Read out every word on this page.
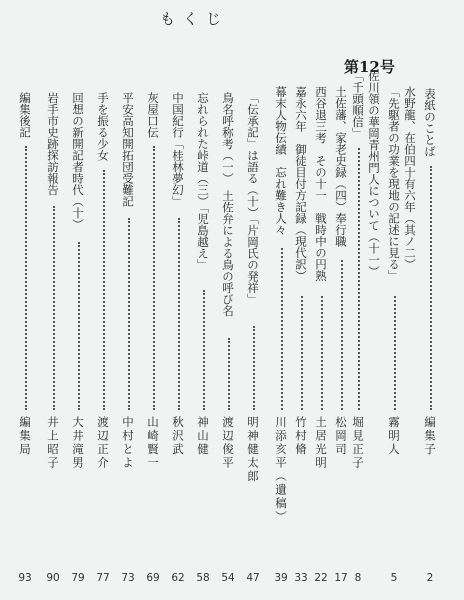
もくじ
第12号
表紙のことば
編集子
2
水野龍、在伯四十有六年（其ノ二）
「先駆者の功業を現地の記述に見る」
霧明人
5
佐川領の華岡青州門人について（十一）
「千頭順信」
堀見正子
8
土佐藩、家老史録（四）奉行職
松岡司
17
西谷退三考　その十一　戦時中の円熟
土居光明
22
嘉永六年　御徒目付方記録（現代訳）
竹村脩
33
幕末人物伝績　忘れ難き人々
川添亥平（遺稿）
39
「伝承記」は語る（十）「片岡氏の発祥」
明神健太郎
47
鳥名呼称考（一）　土佐弁による鳥の呼び名
渡辺俊平
54
忘れられた峠道（三）「児島越え」
神山健
58
中国紀行「桂林夢幻」
秋沢武
62
灰屋口伝
山崎賢一
69
平安高知開拓団受難記
中村とよ
73
手を振る少女
渡辺正介
77
回想の新開記者時代（十）
大井滝男
79
岩手市史跡探訪報告
井上昭子
90
編集後記
編集局
93
